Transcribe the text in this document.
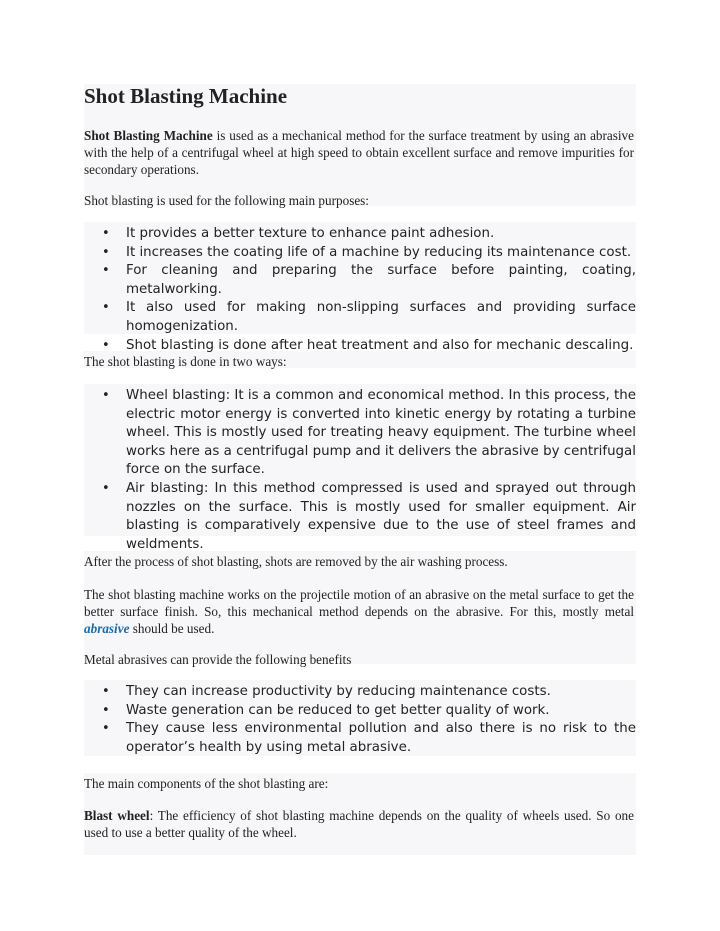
Shot Blasting Machine

Shot Blasting Machine is used as a mechanical method for the surface treatment by using an abrasive with the help of a centrifugal wheel at high speed to obtain excellent surface and remove impurities for secondary operations.

Shot blasting is used for the following main purposes:

• It provides a better texture to enhance paint adhesion.
• It increases the coating life of a machine by reducing its maintenance cost.
• For cleaning and preparing the surface before painting, coating, metalworking.
• It also used for making non-slipping surfaces and providing surface homogenization.
• Shot blasting is done after heat treatment and also for mechanic descaling.

The shot blasting is done in two ways:

• Wheel blasting: It is a common and economical method. In this process, the electric motor energy is converted into kinetic energy by rotating a turbine wheel. This is mostly used for treating heavy equipment. The turbine wheel works here as a centrifugal pump and it delivers the abrasive by centrifugal force on the surface.
• Air blasting: In this method compressed is used and sprayed out through nozzles on the surface. This is mostly used for smaller equipment. Air blasting is comparatively expensive due to the use of steel frames and weldments.

After the process of shot blasting, shots are removed by the air washing process.

The shot blasting machine works on the projectile motion of an abrasive on the metal surface to get the better surface finish. So, this mechanical method depends on the abrasive. For this, mostly metal abrasive should be used.

Metal abrasives can provide the following benefits

• They can increase productivity by reducing maintenance costs.
• Waste generation can be reduced to get better quality of work.
• They cause less environmental pollution and also there is no risk to the operator’s health by using metal abrasive.

The main components of the shot blasting are:

Blast wheel: The efficiency of shot blasting machine depends on the quality of wheels used. So one used to use a better quality of the wheel.
